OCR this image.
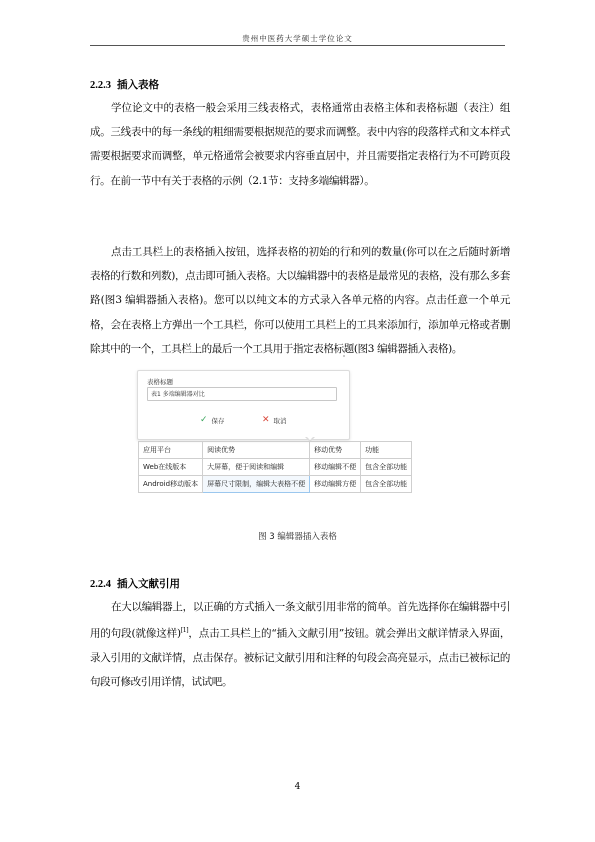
贵州中医药大学硕士学位论文
2.2.3 插入表格
学位论文中的表格一般会采用三线表格式，表格通常由表格主体和表格标题（表注）组成。三线表中的每一条线的粗细需要根据规范的要求而调整。表中内容的段落样式和文本样式需要根据要求而调整，单元格通常会被要求内容垂直居中，并且需要指定表格行为不可跨页段行。在前一节中有关于表格的示例（2.1节：支持多端编辑器）。
点击工具栏上的表格插入按钮，选择表格的初始的行和列的数量(你可以在之后随时新增表格的行数和列数)，点击即可插入表格。大以编辑器中的表格是最常见的表格，没有那么多套路(图3 编辑器插入表格)。您可以以纯文本的方式录入各单元格的内容。点击任意一个单元格，会在表格上方弹出一个工具栏，你可以使用工具栏上的工具来添加行，添加单元格或者删除其中的一个，工具栏上的最后一个工具用于指定表格标题(图3 编辑器插入表格)。
表格标题
表1 多端编辑器对比
✓ 保存	✕ 取消
应用平台	阅读优势	移动优势	功能
Web在线版本	大屏幕，便于阅读和编辑	移动编辑不便	包含全部功能
Android移动版本	屏幕尺寸限制，编辑大表格不便	移动编辑方便	包含全部功能
图 3 编辑器插入表格
2.2.4 插入文献引用
在大以编辑器上，以正确的方式插入一条文献引用非常的简单。首先选择你在编辑器中引用的句段(就像这样)[1]，点击工具栏上的“插入文献引用”按钮。就会弹出文献详情录入界面，录入引用的文献详情，点击保存。被标记文献引用和注释的句段会高亮显示，点击已被标记的句段可修改引用详情，试试吧。
4
